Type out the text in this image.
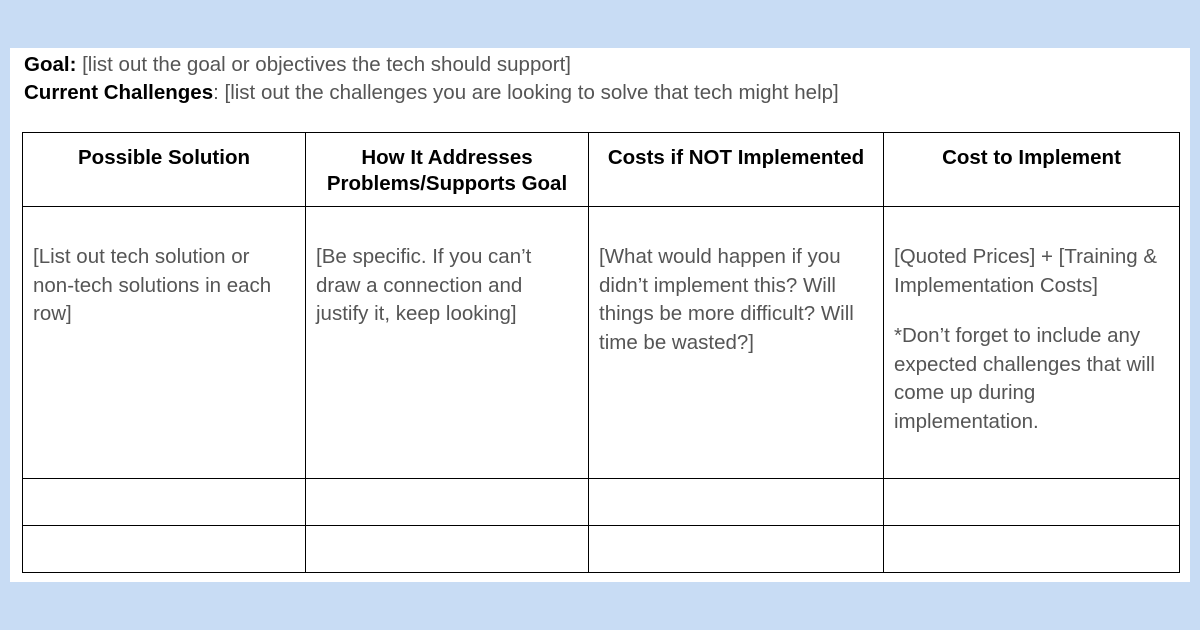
Goal: [list out the goal or objectives the tech should support]
Current Challenges: [list out the challenges you are looking to solve that tech might help]
Possible Solution	How It Addresses Problems/Supports Goal	Costs if NOT Implemented	Cost to Implement
[List out tech solution or non-tech solutions in each row]	[Be specific. If you can’t draw a connection and justify it, keep looking]	[What would happen if you didn’t implement this? Will things be more difficult? Will time be wasted?]	[Quoted Prices] + [Training & Implementation Costs]
*Don’t forget to include any expected challenges that will come up during implementation.
